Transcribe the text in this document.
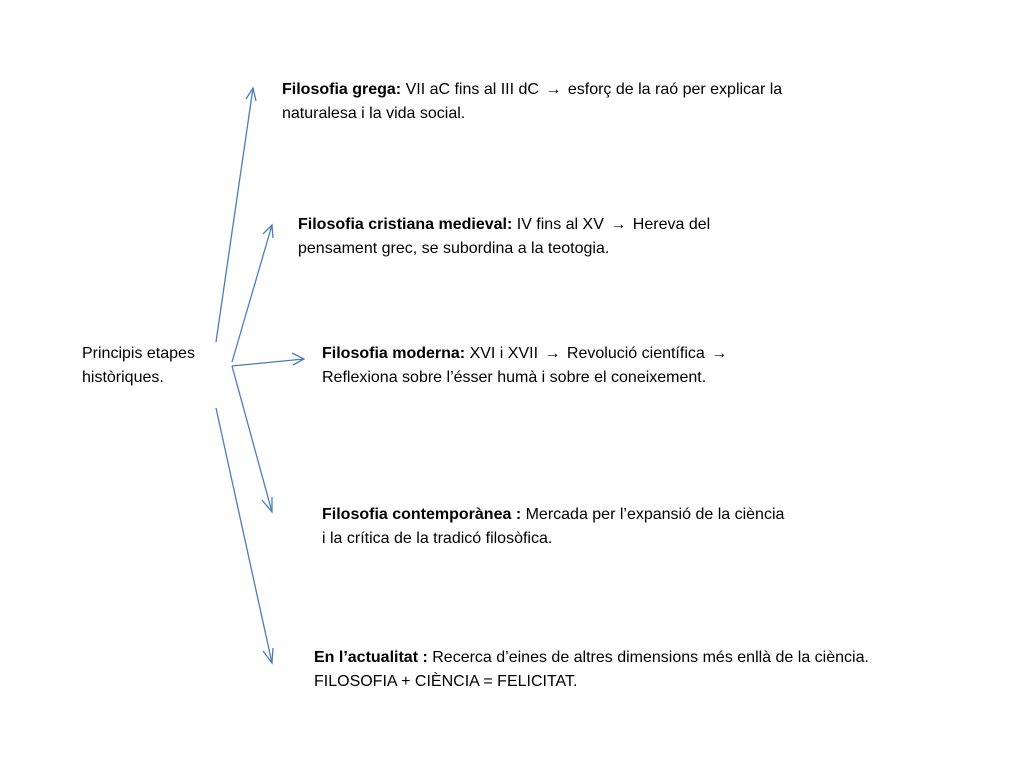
Principis etapes
històriques.

Filosofia grega: VII aC fins al III dC → esforç de la raó per explicar la naturalesa i la vida social.

Filosofia cristiana medieval: IV fins al XV → Hereva del pensament grec, se subordina a la teotogia.

Filosofia moderna: XVI i XVII → Revolució científica → Reflexiona sobre l’ésser humà i sobre el coneixement.

Filosofia contemporànea : Mercada per l’expansió de la ciència i la crítica de la tradicó filosòfica.

En l’actualitat : Recerca d’eines de altres dimensions més enllà de la ciència.

FILOSOFIA + CIÈNCIA = FELICITAT.
